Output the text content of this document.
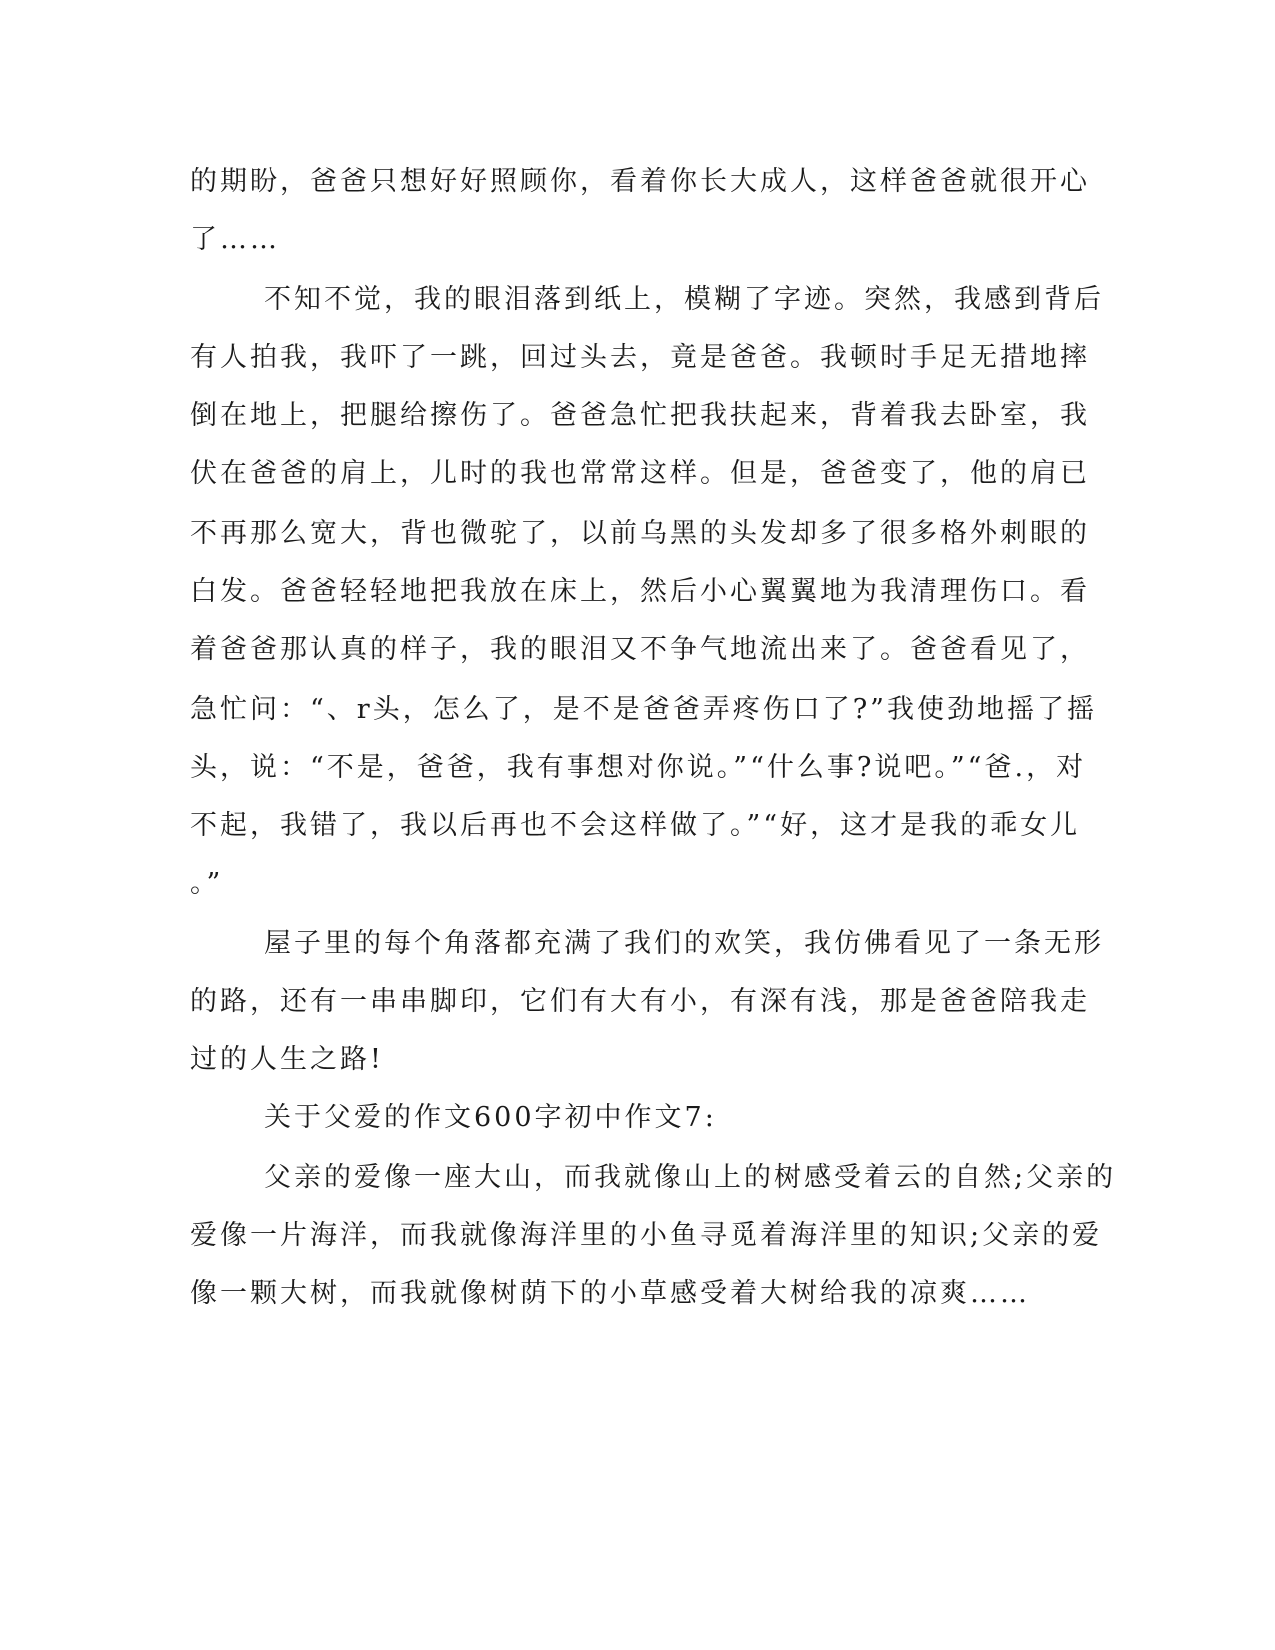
的期盼，爸爸只想好好照顾你，看着你长大成人，这样爸爸就很开心
了……
不知不觉，我的眼泪落到纸上，模糊了字迹。突然，我感到背后
有人拍我，我吓了一跳，回过头去，竟是爸爸。我顿时手足无措地摔
倒在地上，把腿给擦伤了。爸爸急忙把我扶起来，背着我去卧室，我
伏在爸爸的肩上，儿时的我也常常这样。但是，爸爸变了，他的肩已
不再那么宽大，背也微驼了，以前乌黑的头发却多了很多格外刺眼的
白发。爸爸轻轻地把我放在床上，然后小心翼翼地为我清理伤口。看
着爸爸那认真的样子，我的眼泪又不争气地流出来了。爸爸看见了，
急忙问：“、r头，怎么了，是不是爸爸弄疼伤口了?”我使劲地摇了摇
头，说：“不是，爸爸，我有事想对你说。”“什么事?说吧。”“爸.，对
不起，我错了，我以后再也不会这样做了。”“好，这才是我的乖女儿
。”
屋子里的每个角落都充满了我们的欢笑，我仿佛看见了一条无形
的路，还有一串串脚印，它们有大有小，有深有浅，那是爸爸陪我走
过的人生之路!
关于父爱的作文600字初中作文7:
父亲的爱像一座大山，而我就像山上的树感受着云的自然;父亲的
爱像一片海洋，而我就像海洋里的小鱼寻觅着海洋里的知识;父亲的爱
像一颗大树，而我就像树荫下的小草感受着大树给我的凉爽……
